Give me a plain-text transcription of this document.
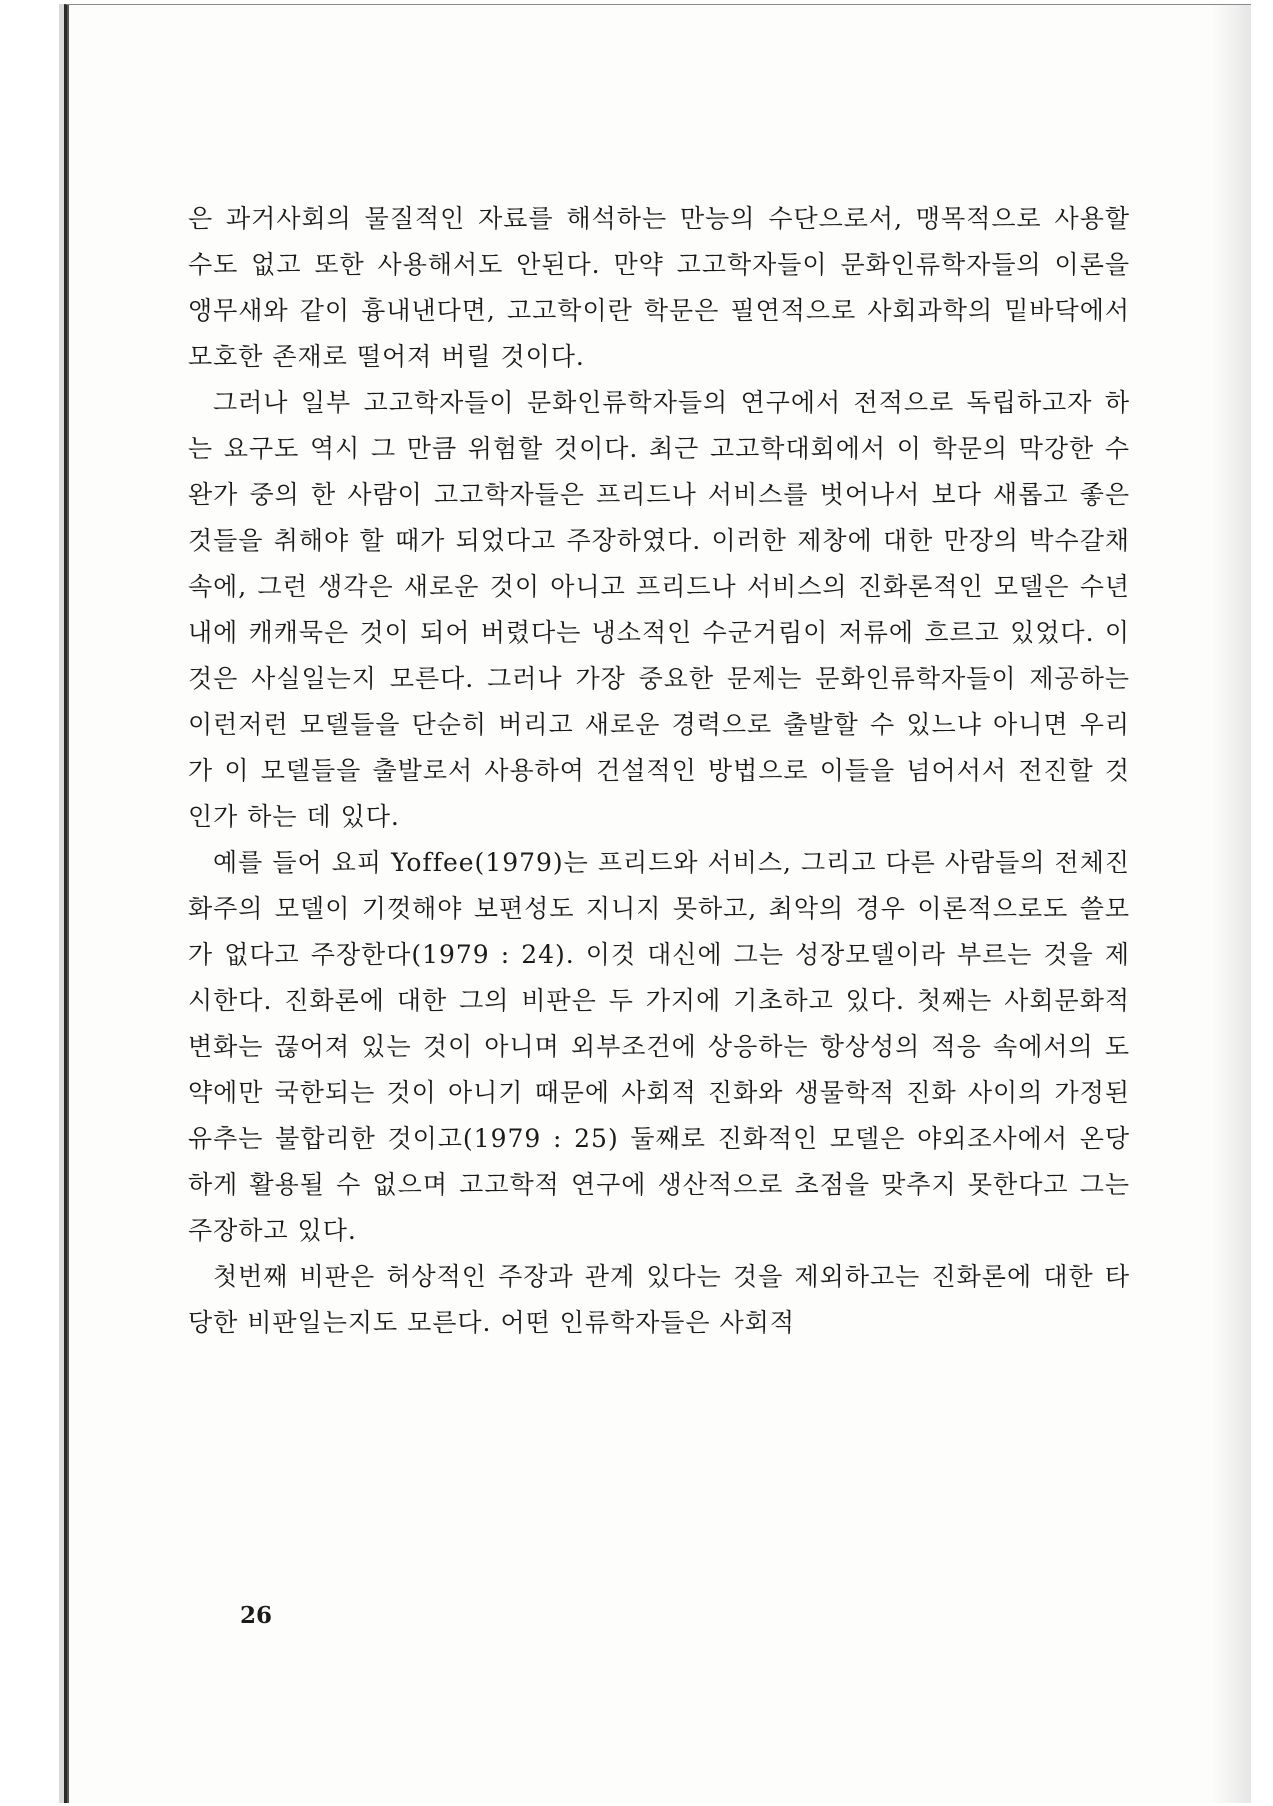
은 과거사회의 물질적인 자료를 해석하는 만능의 수단으로서, 맹목적으로 사용할 수도 없고 또한 사용해서도 안된다. 만약 고고학자들이 문화인류학자들의 이론을 앵무새와 같이 흉내낸다면, 고고학이란 학문은 필연적으로 사회과학의 밑바닥에서 모호한 존재로 떨어져 버릴 것이다.

그러나 일부 고고학자들이 문화인류학자들의 연구에서 전적으로 독립하고자 하는 요구도 역시 그 만큼 위험할 것이다. 최근 고고학대회에서 이 학문의 막강한 수완가 중의 한 사람이 고고학자들은 프리드나 서비스를 벗어나서 보다 새롭고 좋은 것들을 취해야 할 때가 되었다고 주장하였다. 이러한 제창에 대한 만장의 박수갈채 속에, 그런 생각은 새로운 것이 아니고 프리드나 서비스의 진화론적인 모델은 수년내에 캐캐묵은 것이 되어 버렸다는 냉소적인 수군거림이 저류에 흐르고 있었다. 이것은 사실일는지 모른다. 그러나 가장 중요한 문제는 문화인류학자들이 제공하는 이런저런 모델들을 단순히 버리고 새로운 경력으로 출발할 수 있느냐 아니면 우리가 이 모델들을 출발로서 사용하여 건설적인 방법으로 이들을 넘어서서 전진할 것인가 하는 데 있다.

예를 들어 요피 Yoffee(1979)는 프리드와 서비스, 그리고 다른 사람들의 전체진화주의 모델이 기껏해야 보편성도 지니지 못하고, 최악의 경우 이론적으로도 쓸모가 없다고 주장한다(1979 : 24). 이것 대신에 그는 성장모델이라 부르는 것을 제시한다. 진화론에 대한 그의 비판은 두 가지에 기초하고 있다. 첫째는 사회문화적 변화는 끊어져 있는 것이 아니며 외부조건에 상응하는 항상성의 적응 속에서의 도약에만 국한되는 것이 아니기 때문에 사회적 진화와 생물학적 진화 사이의 가정된 유추는 불합리한 것이고(1979 : 25) 둘째로 진화적인 모델은 야외조사에서 온당하게 활용될 수 없으며 고고학적 연구에 생산적으로 초점을 맞추지 못한다고 그는 주장하고 있다.

첫번째 비판은 허상적인 주장과 관계 있다는 것을 제외하고는 진화론에 대한 타당한 비판일는지도 모른다. 어떤 인류학자들은 사회적

26
